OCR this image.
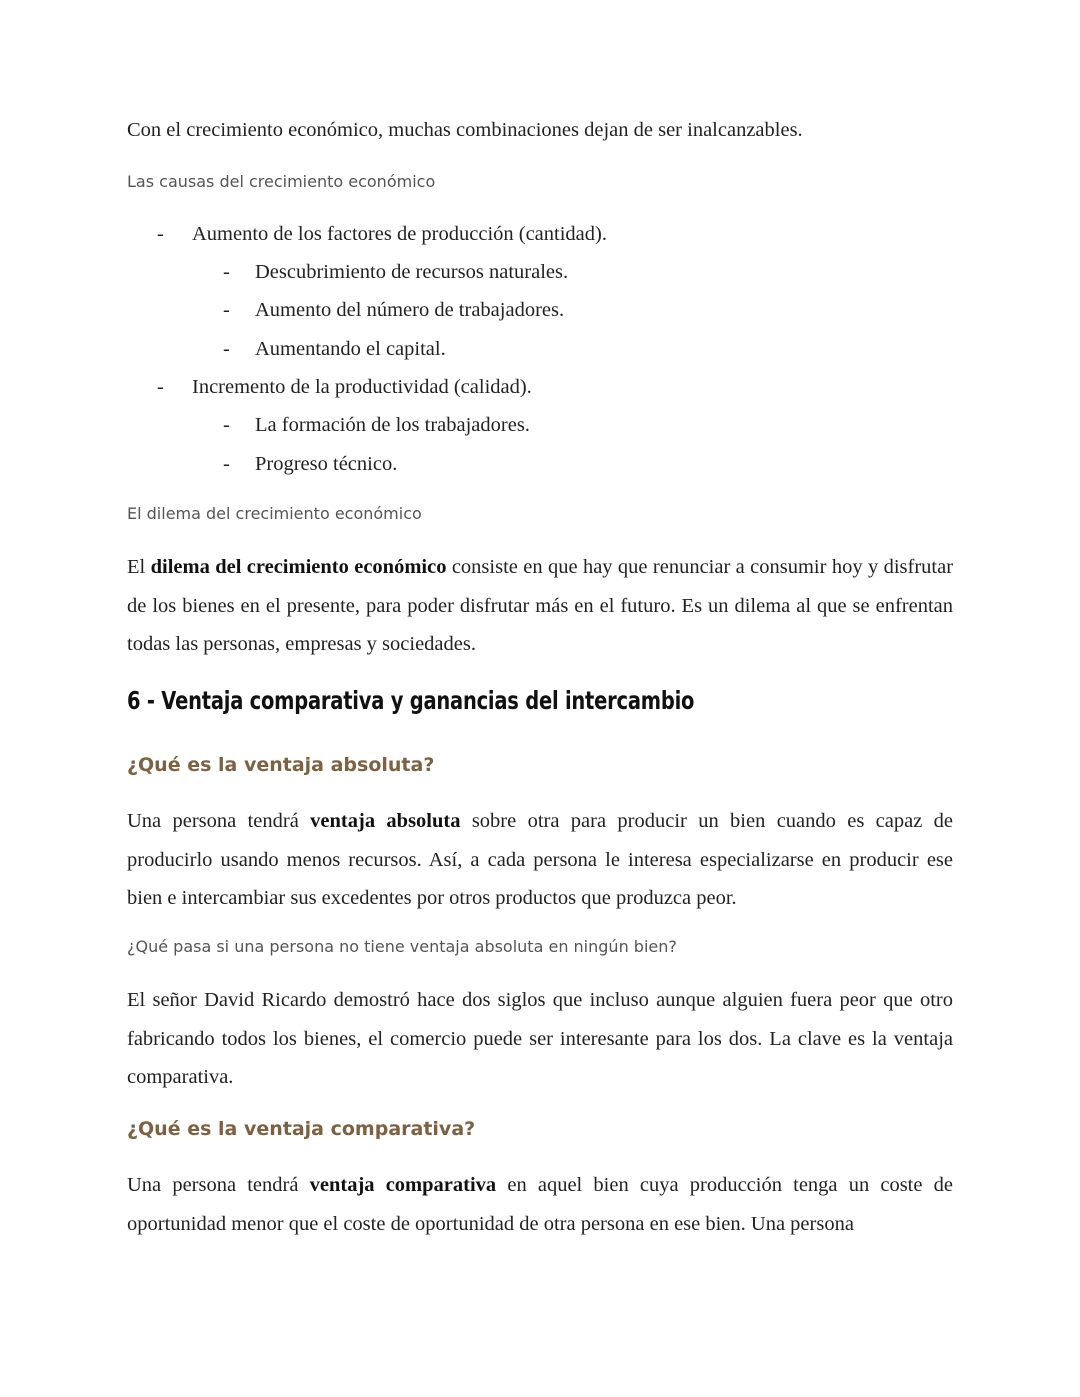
Con el crecimiento económico, muchas combinaciones dejan de ser inalcanzables.

Las causas del crecimiento económico
- Aumento de los factores de producción (cantidad).
- Descubrimiento de recursos naturales.
- Aumento del número de trabajadores.
- Aumentando el capital.
- Incremento de la productividad (calidad).
- La formación de los trabajadores.
- Progreso técnico.
El dilema del crecimiento económico

El dilema del crecimiento económico consiste en que hay que renunciar a consumir hoy y disfrutar de los bienes en el presente, para poder disfrutar más en el futuro. Es un dilema al que se enfrentan todas las personas, empresas y sociedades.

6 - Ventaja comparativa y ganancias del intercambio
¿Qué es la ventaja absoluta?

Una persona tendrá ventaja absoluta sobre otra para producir un bien cuando es capaz de producirlo usando menos recursos. Así, a cada persona le interesa especializarse en producir ese bien e intercambiar sus excedentes por otros productos que produzca peor.

¿Qué pasa si una persona no tiene ventaja absoluta en ningún bien?

El señor David Ricardo demostró hace dos siglos que incluso aunque alguien fuera peor que otro fabricando todos los bienes, el comercio puede ser interesante para los dos. La clave es la ventaja comparativa.

¿Qué es la ventaja comparativa?

Una persona tendrá ventaja comparativa en aquel bien cuya producción tenga un coste de oportunidad menor que el coste de oportunidad de otra persona en ese bien. Una persona
